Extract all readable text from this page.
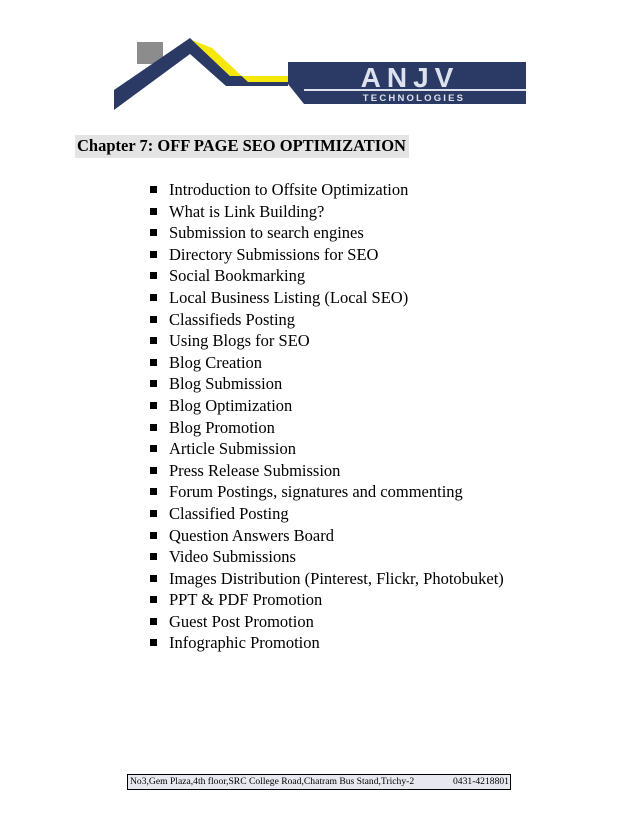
ANJV
TECHNOLOGIES
Chapter 7: OFF PAGE SEO OPTIMIZATION
Introduction to Offsite Optimization
What is Link Building?
Submission to search engines
Directory Submissions for SEO
Social Bookmarking
Local Business Listing (Local SEO)
Classifieds Posting
Using Blogs for SEO
Blog Creation
Blog Submission
Blog Optimization
Blog Promotion
Article Submission
Press Release Submission
Forum Postings, signatures and commenting
Classified Posting
Question Answers Board
Video Submissions
Images Distribution (Pinterest, Flickr, Photobuket)
PPT & PDF Promotion
Guest Post Promotion
Infographic Promotion
No3,Gem Plaza,4th floor,SRC College Road,Chatram Bus Stand,Trichy-2	0431-4218801
